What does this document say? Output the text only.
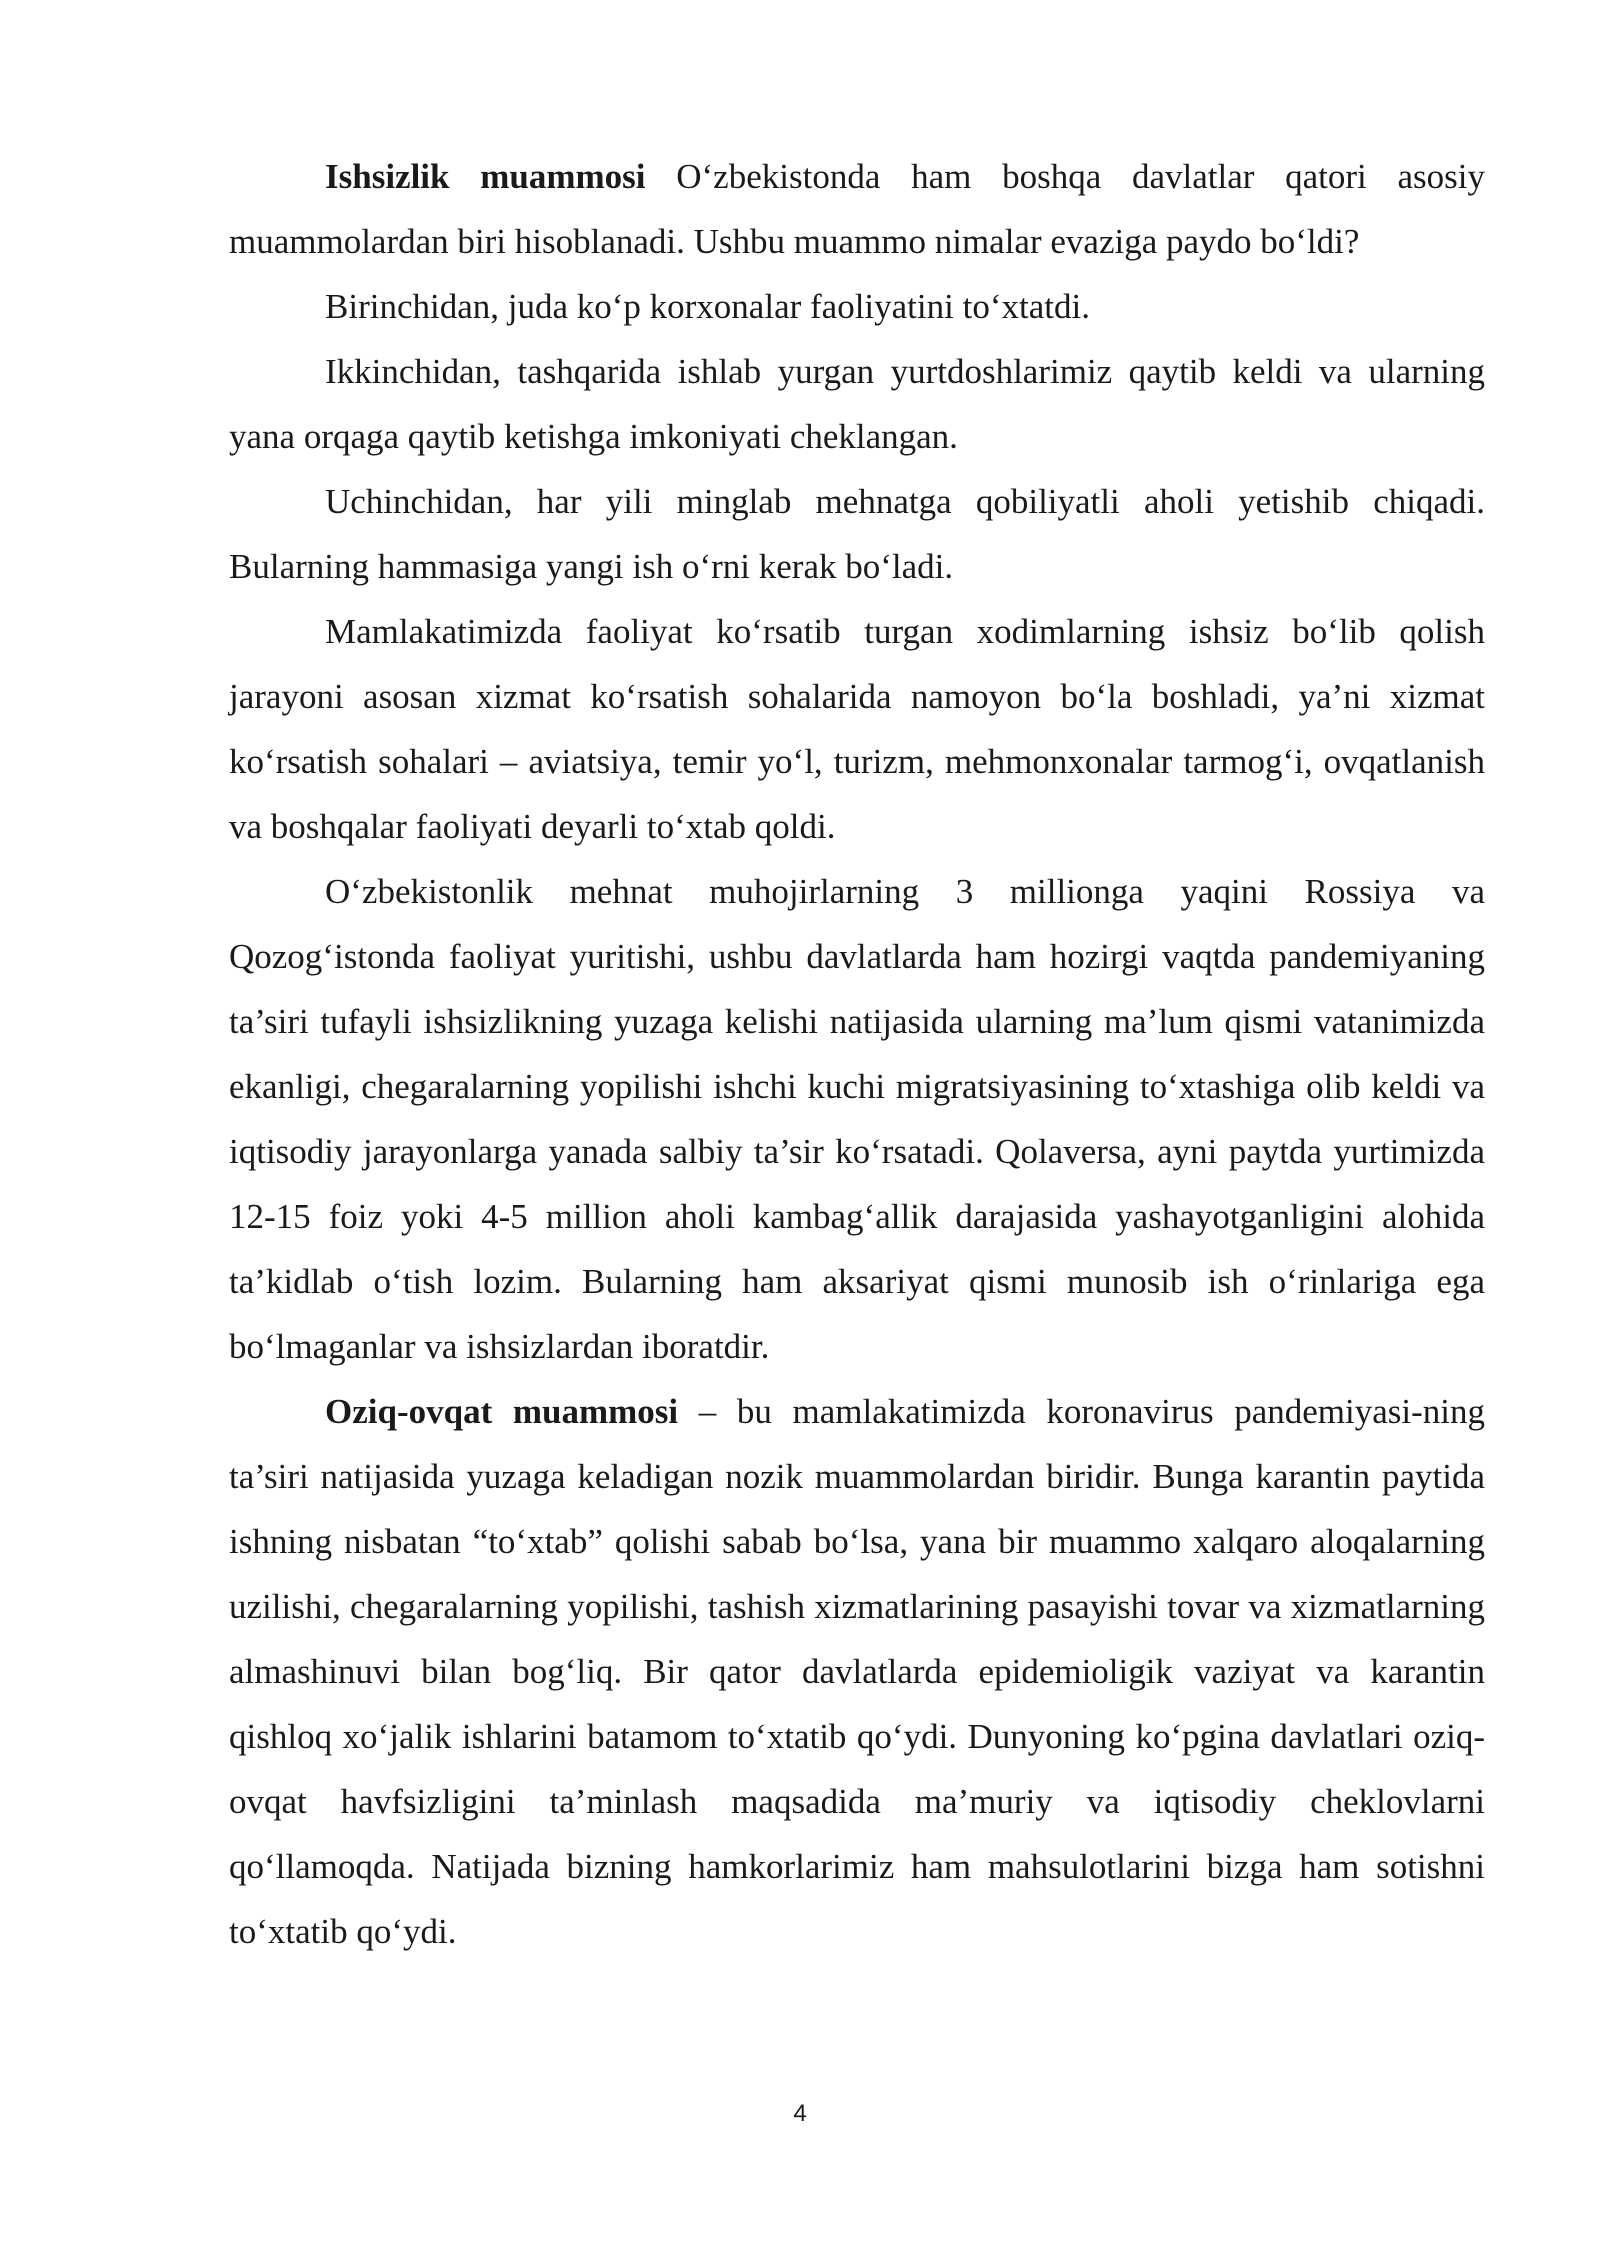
Ishsizlik muammosi O‘zbekistonda ham boshqa davlatlar qatori asosiy muammolardan biri hisoblanadi. Ushbu muammo nimalar evaziga paydo bo‘ldi?

Birinchidan, juda ko‘p korxonalar faoliyatini to‘xtatdi.

Ikkinchidan, tashqarida ishlab yurgan yurtdoshlarimiz qaytib keldi va ularning yana orqaga qaytib ketishga imkoniyati cheklangan.

Uchinchidan, har yili minglab mehnatga qobiliyatli aholi yetishib chiqadi. Bularning hammasiga yangi ish o‘rni kerak bo‘ladi.

Mamlakatimizda faoliyat ko‘rsatib turgan xodimlarning ishsiz bo‘lib qolish jarayoni asosan xizmat ko‘rsatish sohalarida namoyon bo‘la boshladi, ya’ni xizmat ko‘rsatish sohalari – aviatsiya, temir yo‘l, turizm, mehmonxonalar tarmog‘i, ovqatlanish va boshqalar faoliyati deyarli to‘xtab qoldi.

O‘zbekistonlik mehnat muhojirlarning 3 millionga yaqini Rossiya va Qozog‘istonda faoliyat yuritishi, ushbu davlatlarda ham hozirgi vaqtda pandemiyaning ta’siri tufayli ishsizlikning yuzaga kelishi natijasida ularning ma’lum qismi vatanimizda ekanligi, chegaralarning yopilishi ishchi kuchi migratsiyasining to‘xtashiga olib keldi va iqtisodiy jarayonlarga yanada salbiy ta’sir ko‘rsatadi. Qolaversa, ayni paytda yurtimizda 12-15 foiz yoki 4-5 million aholi kambag‘allik darajasida yashayotganligini alohida ta’kidlab o‘tish lozim. Bularning ham aksariyat qismi munosib ish o‘rinlariga ega bo‘lmaganlar va ishsizlardan iboratdir.

Oziq-ovqat muammosi – bu mamlakatimizda koronavirus pandemiyasi-ning ta’siri natijasida yuzaga keladigan nozik muammolardan biridir. Bunga karantin paytida ishning nisbatan “to‘xtab” qolishi sabab bo‘lsa, yana bir muammo xalqaro aloqalarning uzilishi, chegaralarning yopilishi, tashish xizmatlarining pasayishi tovar va xizmatlarning almashinuvi bilan bog‘liq. Bir qator davlatlarda epidemioligik vaziyat va karantin qishloq xo‘jalik ishlarini batamom to‘xtatib qo‘ydi. Dunyoning ko‘pgina davlatlari oziq-ovqat havfsizligini ta’minlash maqsadida ma’muriy va iqtisodiy cheklovlarni qo‘llamoqda. Natijada bizning hamkorlarimiz ham mahsulotlarini bizga ham sotishni to‘xtatib qo‘ydi.

4
